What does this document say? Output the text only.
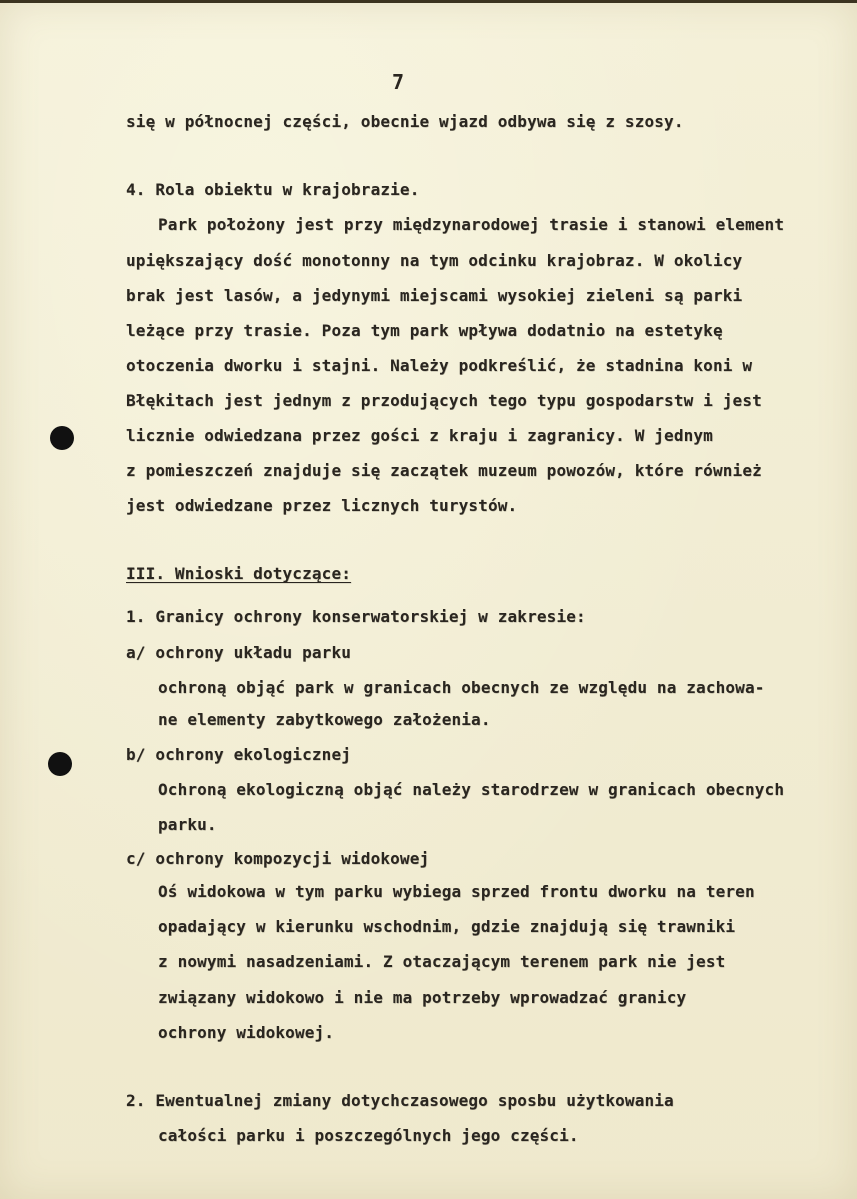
7
się w północnej części, obecnie wjazd odbywa się z szosy.
4. Rola obiektu w krajobrazie.
Park położony jest przy międzynarodowej trasie i stanowi element
upiększający dość monotonny na tym odcinku krajobraz. W okolicy
brak jest lasów, a jedynymi miejscami wysokiej zieleni są parki
leżące przy trasie. Poza tym park wpływa dodatnio na estetykę
otoczenia dworku i stajni. Należy podkreślić, że stadnina koni w
Błękitach jest jednym z przodujących tego typu gospodarstw i jest
licznie odwiedzana przez gości z kraju i zagranicy. W jednym
z pomieszczeń znajduje się zaczątek muzeum powozów, które również
jest odwiedzane przez licznych turystów.
III. Wnioski dotyczące:
1. Granicy ochrony konserwatorskiej w zakresie:
a/ ochrony układu parku
ochroną objąć park w granicach obecnych ze względu na zachowa-
ne elementy zabytkowego założenia.
b/ ochrony ekologicznej
Ochroną ekologiczną objąć należy starodrzew w granicach obecnych
parku.
c/ ochrony kompozycji widokowej
Oś widokowa w tym parku wybiega sprzed frontu dworku na teren
opadający w kierunku wschodnim, gdzie znajdują się trawniki
z nowymi nasadzeniami. Z otaczającym terenem park nie jest
związany widokowo i nie ma potrzeby wprowadzać granicy
ochrony widokowej.
2. Ewentualnej zmiany dotychczasowego sposbu użytkowania
całości parku i poszczególnych jego części.
